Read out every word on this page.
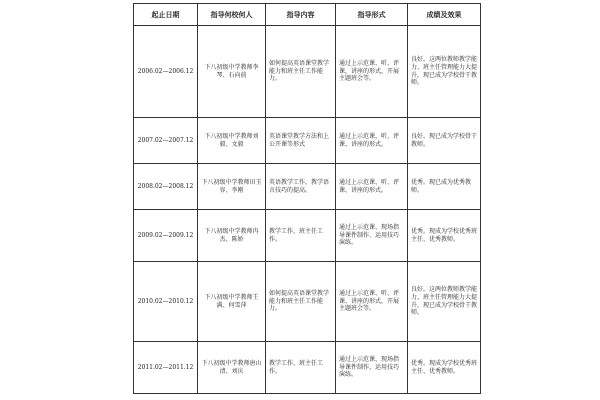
起止日期	指导何校何人	指导内容	指导形式	成绩及效果
2006.02—2006.12	下八初级中学教师李琴、石向前	如何提高英语课堂教学能力和班主任工作能力。	通过上示范课、听、评课，讲座的形式，开展主题班会等。	良好。这两位教师教学能力、班主任管理能力大提升，现已成为学校骨干教师。
2007.02—2007.12	下八初级中学教师刘毅、文毅	英语课堂教学方法和上公开课等形式	通过上示范课、听、评课、讲座的形式。	良好。现已成为学校骨干教师。
2008.02—2008.12	下八初级中学教师田玉容、李刚	英语教学工作，教学语言技巧的提高。	通过上示范课、听、评课、讲座的形式。	优秀。现已成为优秀教师。
2009.02—2009.12	下八初级中学教师冉杰、陈娇	教学工作、班主任工作。	通过上示范课、现场指导课件制作、运用技巧演练。	优秀。现成为学校优秀班主任、优秀教师。
2010.02—2010.12	下八初级中学教师王满、何雪萍	如何提高英语课堂教学能力和班主任工作能力。	通过上示范课、听、评课、讲座的形式，开展主题班会等。	良好。这两位教师教学能力、班主任管理能力大提升，现已成为学校骨干教师。
2011.02—2011.12	下八初级中学教师唐山清、刘庆	教学工作、班主任工作。	通过上示范课、现场指导课件制作、运用技巧演练。	优秀。现成为学校优秀班主任、优秀教师。
